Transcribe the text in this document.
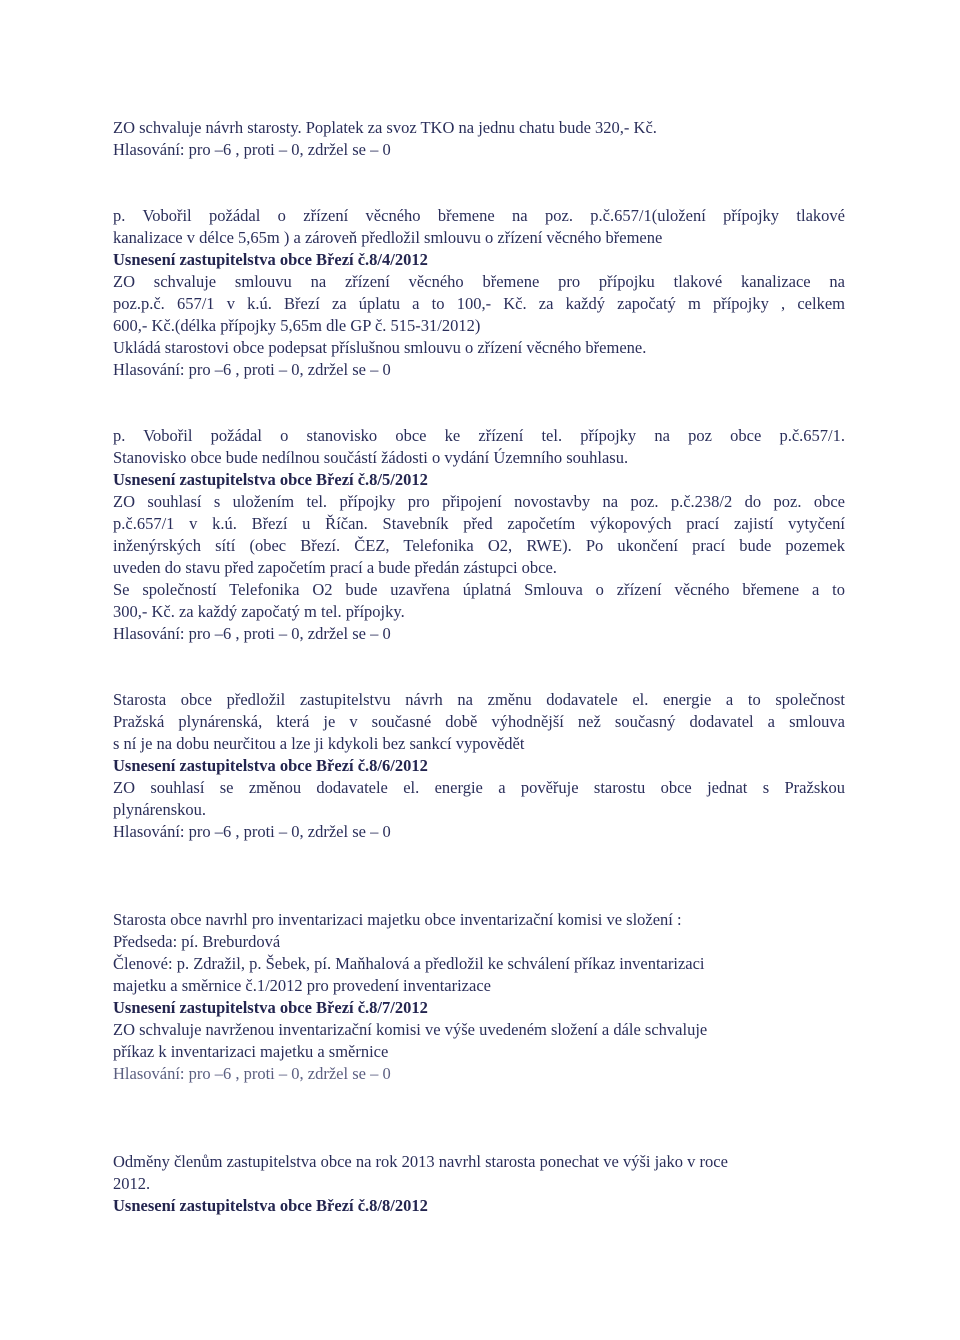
ZO schvaluje návrh starosty. Poplatek za svoz TKO na jednu chatu bude 320,- Kč.
Hlasování: pro –6 , proti – 0, zdržel se – 0
p. Vobořil požádal o zřízení věcného břemene na poz. p.č.657/1(uložení přípojky tlakové
kanalizace v délce 5,65m ) a zároveň předložil smlouvu o zřízení věcného břemene
Usnesení zastupitelstva obce Březí č.8/4/2012
ZO schvaluje smlouvu na zřízení věcného břemene pro přípojku tlakové kanalizace na
poz.p.č. 657/1 v k.ú. Březí za úplatu a to 100,- Kč. za každý započatý m přípojky , celkem
600,- Kč.(délka přípojky 5,65m dle GP č. 515-31/2012)
Ukládá starostovi obce podepsat příslušnou smlouvu o zřízení věcného břemene.
Hlasování: pro –6 , proti – 0, zdržel se – 0
p. Vobořil požádal o stanovisko obce ke zřízení tel. přípojky na poz obce p.č.657/1.
Stanovisko obce bude nedílnou součástí žádosti o vydání Územního souhlasu.
Usnesení zastupitelstva obce Březí č.8/5/2012
ZO souhlasí s uložením tel. přípojky pro připojení novostavby na poz. p.č.238/2 do poz. obce
p.č.657/1 v k.ú. Březí u Říčan. Stavebník před započetím výkopových prací zajistí vytyčení
inženýrských sítí (obec Březí. ČEZ, Telefonika O2, RWE). Po ukončení prací bude pozemek
uveden do stavu před započetím prací a bude předán zástupci obce.
Se společností Telefonika O2 bude uzavřena úplatná Smlouva o zřízení věcného břemene a to
300,- Kč. za každý započatý m tel. přípojky.
Hlasování: pro –6 , proti – 0, zdržel se – 0
Starosta obce předložil zastupitelstvu návrh na změnu dodavatele el. energie a to společnost
Pražská plynárenská, která je v současné době výhodnější než současný dodavatel a smlouva
s ní je na dobu neurčitou a lze ji kdykoli bez sankcí vypovědět
Usnesení zastupitelstva obce Březí č.8/6/2012
ZO souhlasí se změnou dodavatele el. energie a pověřuje starostu obce jednat s Pražskou
plynárenskou.
Hlasování: pro –6 , proti – 0, zdržel se – 0
Starosta obce navrhl pro inventarizaci majetku obce inventarizační komisi ve složení :
Předseda: pí. Breburdová
Členové: p. Zdražil, p. Šebek, pí. Maňhalová a předložil ke schválení příkaz inventarizaci
majetku a směrnice č.1/2012 pro provedení inventarizace
Usnesení zastupitelstva obce Březí č.8/7/2012
ZO schvaluje navrženou inventarizační komisi ve výše uvedeném složení a dále schvaluje
příkaz k inventarizaci majetku a směrnice
Hlasování: pro –6 , proti – 0, zdržel se – 0
Odměny členům zastupitelstva obce na rok 2013 navrhl starosta ponechat ve výši jako v roce
2012.
Usnesení zastupitelstva obce Březí č.8/8/2012
